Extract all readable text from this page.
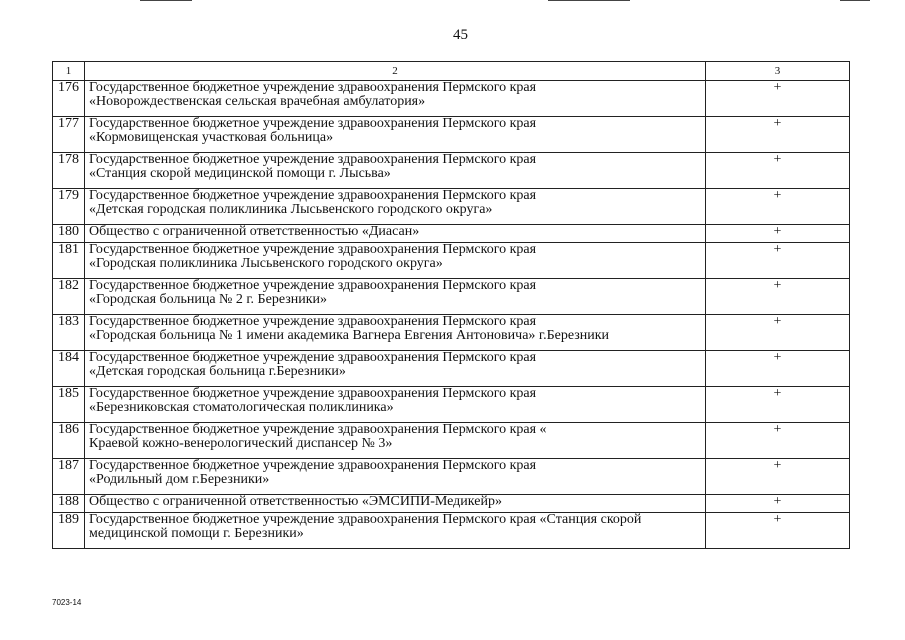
45
1	2	3
176	Государственное бюджетное учреждение здравоохранения Пермского края
«Новорождественская сельская врачебная амбулатория»	+
177	Государственное бюджетное учреждение здравоохранения Пермского края
«Кормовищенская участковая больница»	+
178	Государственное бюджетное учреждение здравоохранения Пермского края
«Станция скорой медицинской помощи г. Лысьва»	+
179	Государственное бюджетное учреждение здравоохранения Пермского края
«Детская городская поликлиника Лысьвенского городского округа»	+
180	Общество с ограниченной ответственностью «Диасан»	+
181	Государственное бюджетное учреждение здравоохранения Пермского края
«Городская поликлиника Лысьвенского городского округа»	+
182	Государственное бюджетное учреждение здравоохранения Пермского края
«Городская больница № 2 г. Березники»	+
183	Государственное бюджетное учреждение здравоохранения Пермского края
«Городская больница № 1 имени академика Вагнера Евгения Антоновича» г.Березники	+
184	Государственное бюджетное учреждение здравоохранения Пермского края
«Детская городская больница г.Березники»	+
185	Государственное бюджетное учреждение здравоохранения Пермского края
«Березниковская стоматологическая поликлиника»	+
186	Государственное бюджетное учреждение здравоохранения Пермского края «
Краевой кожно-венерологический диспансер № 3»	+
187	Государственное бюджетное учреждение здравоохранения Пермского края
«Родильный дом г.Березники»	+
188	Общество с ограниченной ответственностью «ЭМСИПИ-Медикейр»	+
189	Государственное бюджетное учреждение здравоохранения Пермского края «Станция скорой
медицинской помощи г. Березники»	+
7023-14
